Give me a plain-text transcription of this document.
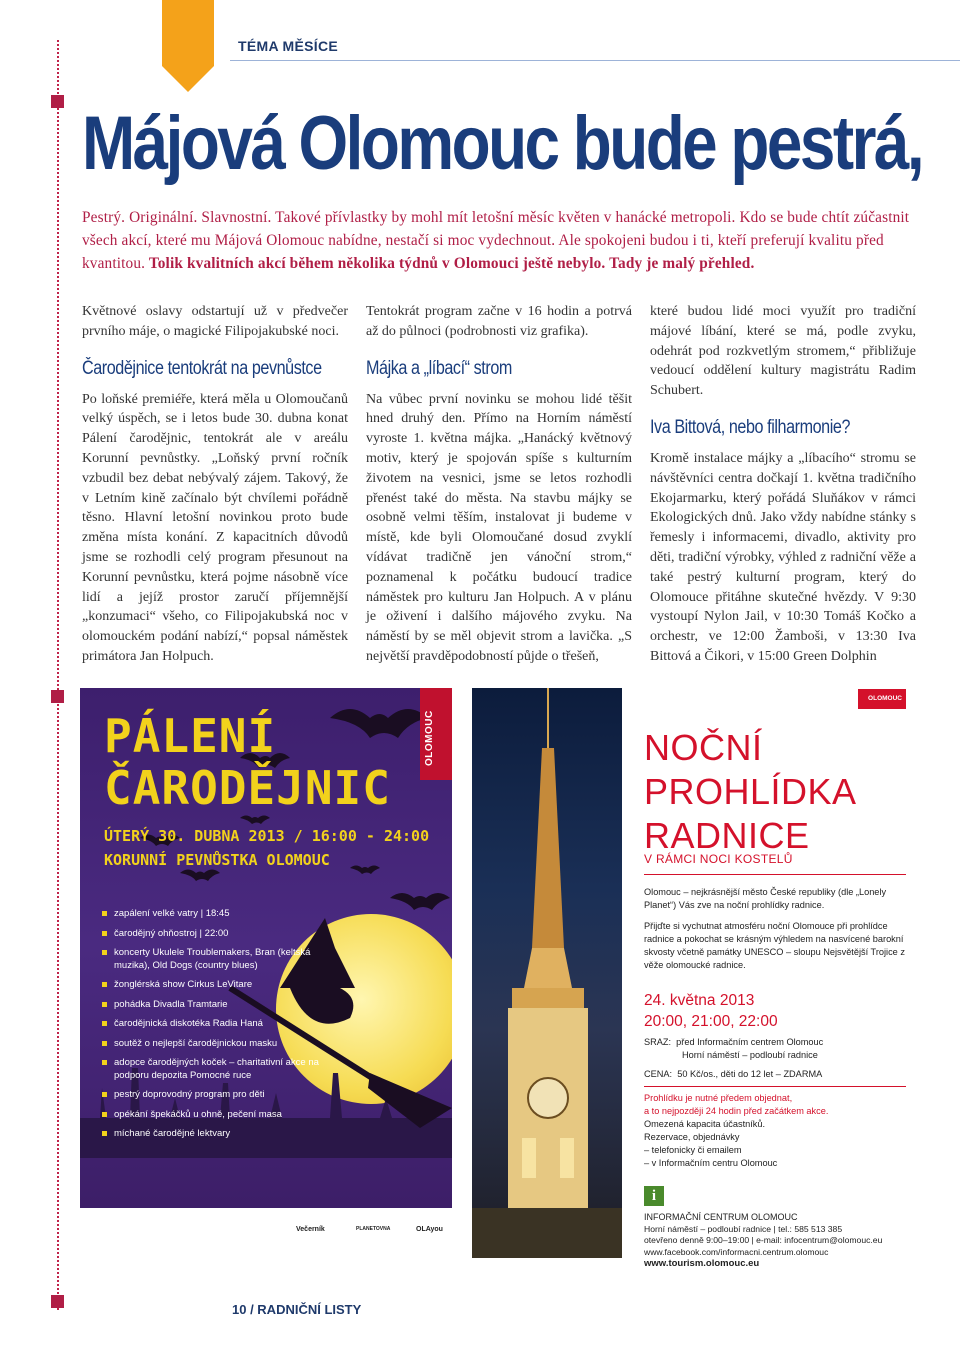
TÉMA MĚSÍCE
Májová Olomouc bude pestrá,
Pestrý. Originální. Slavnostní. Takové přívlastky by mohl mít letošní měsíc květen v hanácké metropoli. Kdo se bude chtít zúčastnit všech akcí, které mu Májová Olomouc nabídne, nestačí si moc vydechnout. Ale spokojeni budou i ti, kteří preferují kvalitu před kvantitou. Tolik kvalitních akcí během několika týdnů v Olomouci ještě nebylo. Tady je malý přehled.

Květnové oslavy odstartují už v předvečer prvního máje, o magické Filipojakubské noci.

Čarodějnice tentokrát na pevnůstce

Po loňské premiéře, která měla u Olomoučanů velký úspěch, se i letos bude 30. dubna konat Pálení čarodějnic, tentokrát ale v areálu Korunní pevnůstky. „Loňský první ročník vzbudil bez debat nebývalý zájem. Takový, že v Letním kině začínalo být chvílemi pořádně těsno. Hlavní letošní novinkou proto bude změna místa konání. Z kapacitních důvodů jsme se rozhodli celý program přesunout na Korunní pevnůstku, která pojme násobně více lidí a jejíž prostor zaručí příjemnější „konzumaci“ všeho, co Filipojakubská noc v olomouckém podání nabízí,“ popsal náměstek primátora Jan Holpuch.

Tentokrát program začne v 16 hodin a potrvá až do půlnoci (podrobnosti viz grafika).

Májka a „líbací“ strom

Na vůbec první novinku se mohou lidé těšit hned druhý den. Přímo na Horním náměstí vyroste 1. května májka. „Hanácký květnový motiv, který je spojován spíše s kulturním životem na vesnici, jsme se letos rozhodli přenést také do města. Na stavbu májky se osobně velmi těším, instalovat ji budeme v místě, kde byli Olomoučané dosud zvyklí vídávat tradičně jen vánoční strom,“ poznamenal k počátku budoucí tradice náměstek pro kulturu Jan Holpuch. A v plánu je oživení i dalšího májového zvyku. Na náměstí by se měl objevit strom a lavička. „S největší pravděpodobností půjde o třešeň,

které budou lidé moci využít pro tradiční májové líbání, které se má, podle zvyku, odehrát pod rozkvetlým stromem,“ přibližuje vedoucí oddělení kultury magistrátu Radim Schubert.

Iva Bittová, nebo filharmonie?

Kromě instalace májky a „líbacího“ stromu se návštěvníci centra dočkají 1. května tradičního Ekojarmarku, který pořádá Sluňákov v rámci Ekologických dnů. Jako vždy nabídne stánky s řemesly i informacemi, divadlo, aktivity pro děti, tradiční výrobky, výhled z radniční věže a také pestrý kulturní program, který do Olomouce přitáhne skutečné hvězdy. V 9:30 vystoupí Nylon Jail, v 10:30 Tomáš Kočko a orchestr, ve 12:00 Žamboši, v 13:30 Iva Bittová a Čikori, v 15:00 Green Dolphin

OLOMOUC
PÁLENÍ
ČARODĚJNIC
ÚTERÝ 30. DUBNA 2013 / 16:00 - 24:00
KORUNNÍ PEVNŮSTKA OLOMOUC
zapálení velké vatry | 18:45
čarodějný ohňostroj | 22:00
koncerty Ukulele Troublemakers, Bran (keltská muzika), Old Dogs (country blues)
žonglérská show Cirkus LeVitare
pohádka Divadla Tramtarie
čarodějnická diskotéka Radia Haná
soutěž o nejlepší čarodějnickou masku
adopce čarodějných koček – charitativní akce na podporu depozita Pomocné ruce
pestrý doprovodný program pro děti
opékání špekáčků u ohně, pečení masa
míchané čarodějné lektvary
Večerník	PLANETOVNA	OLAyou
OLOMOUC
NOČNÍ
PROHLÍDKA
RADNICE
V RÁMCI NOCI KOSTELŮ
Olomouc – nejkrásnější město České republiky (dle „Lonely Planet“) Vás zve na noční prohlídky radnice.
Přijďte si vychutnat atmosféru noční Olomouce při prohlídce radnice a pokochat se krásným výhledem na nasvícené barokní skvosty včetně památky UNESCO – sloupu Nejsvětější Trojice z věže olomoucké radnice.
24. května 2013
20:00, 21:00, 22:00
SRAZ: před Informačním centrem Olomouc
Horní náměstí – podloubí radnice
CENA: 50 Kč/os., děti do 12 let – ZDARMA
Prohlídku je nutné předem objednat,
a to nejpozději 24 hodin před začátkem akce.
Omezená kapacita účastníků.
Rezervace, objednávky
– telefonicky či emailem
– v Informačním centru Olomouc
i
INFORMAČNÍ CENTRUM OLOMOUC
Horní náměstí – podloubí radnice | tel.: 585 513 385
otevřeno denně 9:00–19:00 | e-mail: infocentrum@olomouc.eu
www.facebook.com/informacni.centrum.olomouc
www.tourism.olomouc.eu
10 / RADNIČNÍ LISTY
